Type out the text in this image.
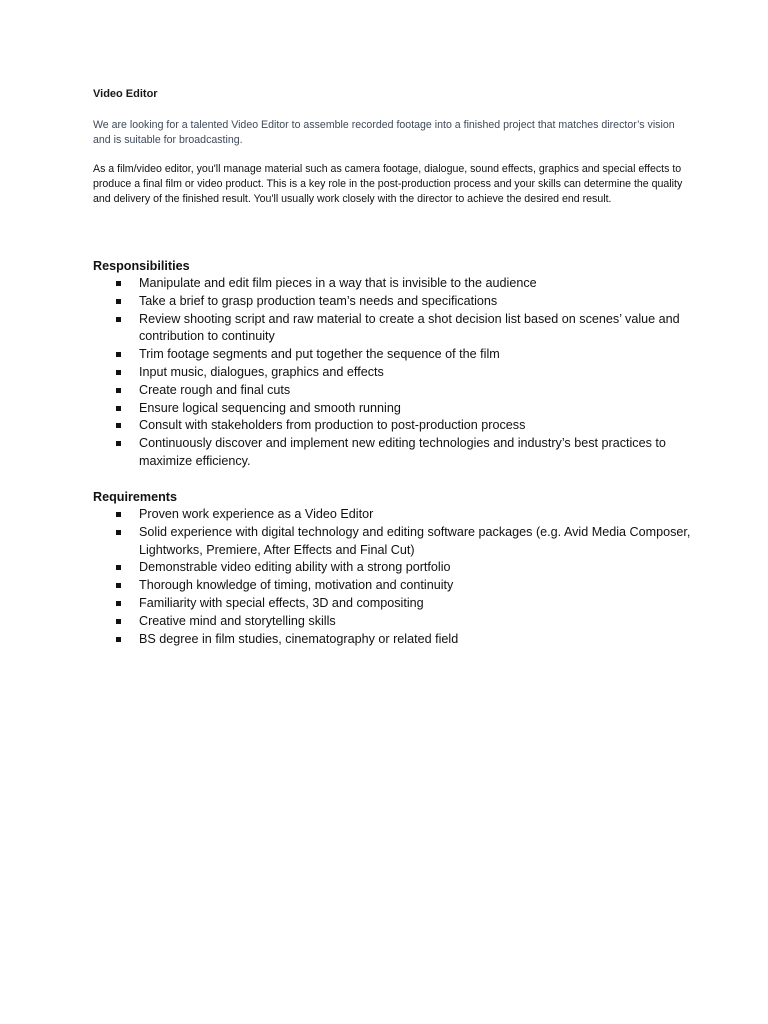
Video Editor

We are looking for a talented Video Editor to assemble recorded footage into a finished project that matches director’s vision and is suitable for broadcasting.

As a film/video editor, you'll manage material such as camera footage, dialogue, sound effects, graphics and special effects to produce a final film or video product. This is a key role in the post-production process and your skills can determine the quality and delivery of the finished result. You'll usually work closely with the director to achieve the desired end result.

Responsibilities
Manipulate and edit film pieces in a way that is invisible to the audience
Take a brief to grasp production team’s needs and specifications
Review shooting script and raw material to create a shot decision list based on scenes’ value and contribution to continuity
Trim footage segments and put together the sequence of the film
Input music, dialogues, graphics and effects
Create rough and final cuts
Ensure logical sequencing and smooth running
Consult with stakeholders from production to post-production process
Continuously discover and implement new editing technologies and industry’s best practices to maximize efficiency.
Requirements
Proven work experience as a Video Editor
Solid experience with digital technology and editing software packages (e.g. Avid Media Composer, Lightworks, Premiere, After Effects and Final Cut)
Demonstrable video editing ability with a strong portfolio
Thorough knowledge of timing, motivation and continuity
Familiarity with special effects, 3D and compositing
Creative mind and storytelling skills
BS degree in film studies, cinematography or related field
